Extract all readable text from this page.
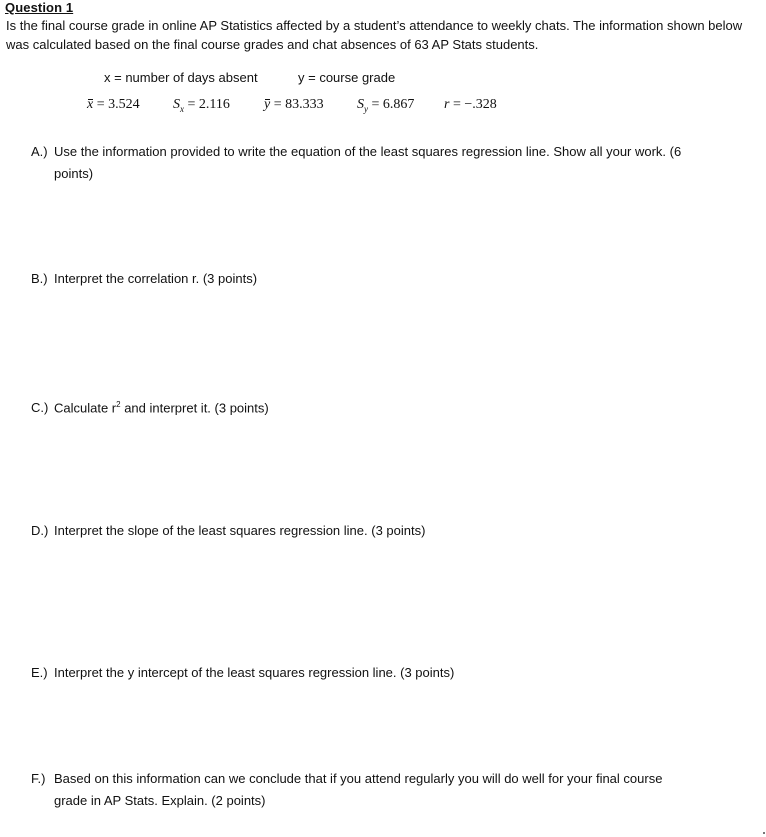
Question 1
Is the final course grade in online AP Statistics affected by a student’s attendance to weekly chats. The information shown below was calculated based on the final course grades and chat absences of 63 AP Stats students.
x = number of days absent	y = course grade
x = 3.524 $S_x = 2.116$ y = 83.333 $S_y = 6.867$ r = −.328
A.) Use the information provided to write the equation of the least squares regression line. Show all your work. (6
points)
B.) Interpret the correlation r. (3 points)
C.) Calculate $r^2$ and interpret it. (3 points)
D.) Interpret the slope of the least squares regression line. (3 points)
E.) Interpret the y intercept of the least squares regression line. (3 points)
F.) Based on this information can we conclude that if you attend regularly you will do well for your final course
grade in AP Stats. Explain. (2 points)
